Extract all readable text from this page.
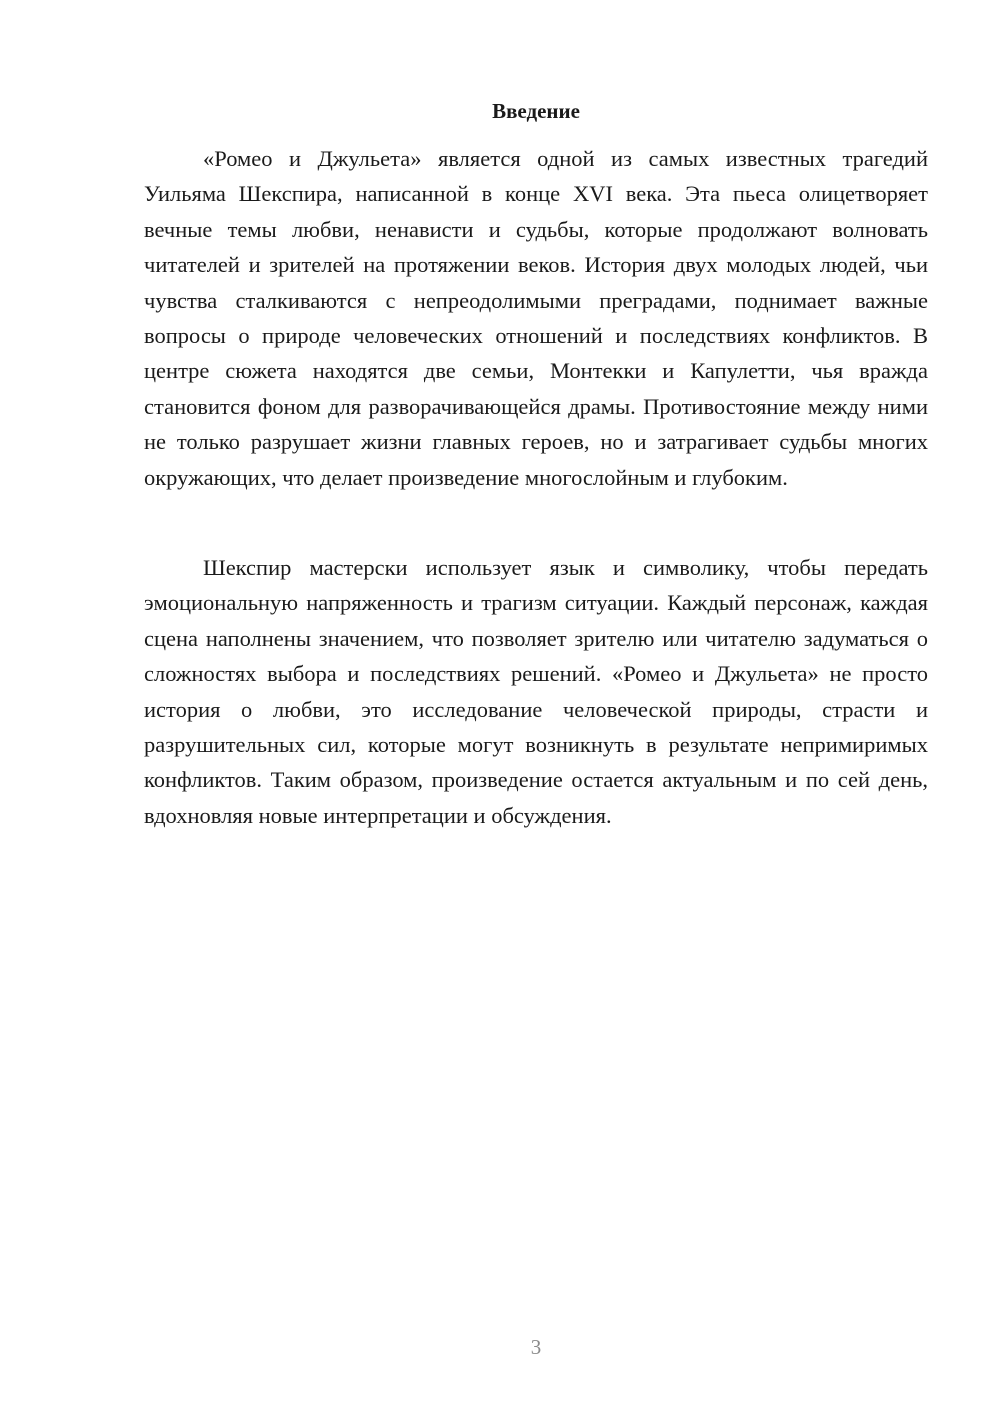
Введение

«Ромео и Джульета» является одной из самых известных трагедий Уильяма Шекспира, написанной в конце XVI века. Эта пьеса олицетворяет вечные темы любви, ненависти и судьбы, которые продолжают волновать читателей и зрителей на протяжении веков. История двух молодых людей, чьи чувства сталкиваются с непреодолимыми преградами, поднимает важные вопросы о природе человеческих отношений и последствиях конфликтов. В центре сюжета находятся две семьи, Монтекки и Капулетти, чья вражда становится фоном для разворачивающейся драмы. Противостояние между ними не только разрушает жизни главных героев, но и затрагивает судьбы многих окружающих, что делает произведение многослойным и глубоким.

Шекспир мастерски использует язык и символику, чтобы передать эмоциональную напряженность и трагизм ситуации. Каждый персонаж, каждая сцена наполнены значением, что позволяет зрителю или читателю задуматься о сложностях выбора и последствиях решений. «Ромео и Джульета» не просто история о любви, это исследование человеческой природы, страсти и разрушительных сил, которые могут возникнуть в результате непримиримых конфликтов. Таким образом, произведение остается актуальным и по сей день, вдохновляя новые интерпретации и обсуждения.

3
